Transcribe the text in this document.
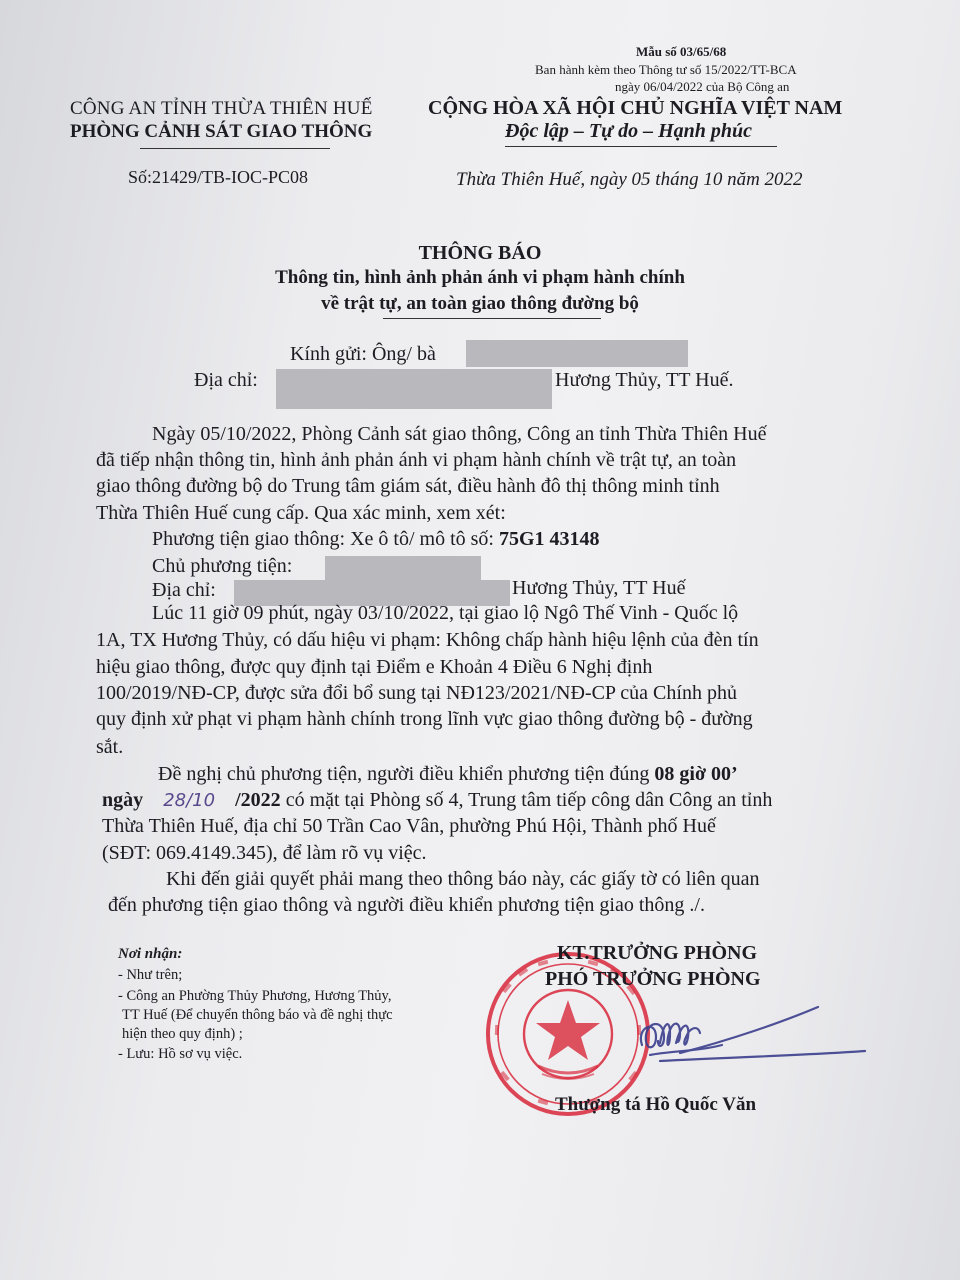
Mẫu số 03/65/68
Ban hành kèm theo Thông tư số 15/2022/TT-BCA
ngày 06/04/2022 của Bộ Công an
CÔNG AN TỈNH THỪA THIÊN HUẾ
PHÒNG CẢNH SÁT GIAO THÔNG
Số:21429/TB-IOC-PC08
CỘNG HÒA XÃ HỘI CHỦ NGHĨA VIỆT NAM
Độc lập – Tự do – Hạnh phúc
Thừa Thiên Huế, ngày 05 tháng 10 năm 2022
THÔNG BÁO
Thông tin, hình ảnh phản ánh vi phạm hành chính
về trật tự, an toàn giao thông đường bộ
Kính gửi: Ông/ bà
Địa chỉ:	Hương Thủy, TT Huế.
Ngày 05/10/2022, Phòng Cảnh sát giao thông, Công an tỉnh Thừa Thiên Huế
đã tiếp nhận thông tin, hình ảnh phản ánh vi phạm hành chính về trật tự, an toàn
giao thông đường bộ do Trung tâm giám sát, điều hành đô thị thông minh tỉnh
Thừa Thiên Huế cung cấp. Qua xác minh, xem xét:
Phương tiện giao thông: Xe ô tô/ mô tô số: 75G1 43148
Chủ phương tiện:
Địa chỉ:	Hương Thủy, TT Huế
Lúc 11 giờ 09 phút, ngày 03/10/2022, tại giao lộ Ngô Thế Vinh - Quốc lộ
1A, TX Hương Thủy, có dấu hiệu vi phạm: Không chấp hành hiệu lệnh của đèn tín
hiệu giao thông, được quy định tại Điểm e Khoản 4 Điều 6 Nghị định
100/2019/NĐ-CP, được sửa đổi bổ sung tại NĐ123/2021/NĐ-CP của Chính phủ
quy định xử phạt vi phạm hành chính trong lĩnh vực giao thông đường bộ - đường
sắt.
Đề nghị chủ phương tiện, người điều khiển phương tiện đúng 08 giờ 00’
ngày 28/10 /2022 có mặt tại Phòng số 4, Trung tâm tiếp công dân Công an tỉnh
Thừa Thiên Huế, địa chỉ 50 Trần Cao Vân, phường Phú Hội, Thành phố Huế
(SĐT: 069.4149.345), để làm rõ vụ việc.
Khi đến giải quyết phải mang theo thông báo này, các giấy tờ có liên quan
đến phương tiện giao thông và người điều khiển phương tiện giao thông ./.
Nơi nhận:
- Như trên;
- Công an Phường Thủy Phương, Hương Thủy,
TT Huế (Để chuyển thông báo và đề nghị thực
hiện theo quy định) ;
- Lưu: Hồ sơ vụ việc.
KT.TRƯỞNG PHÒNG
PHÓ TRƯỞNG PHÒNG
Thượng tá Hồ Quốc Văn
